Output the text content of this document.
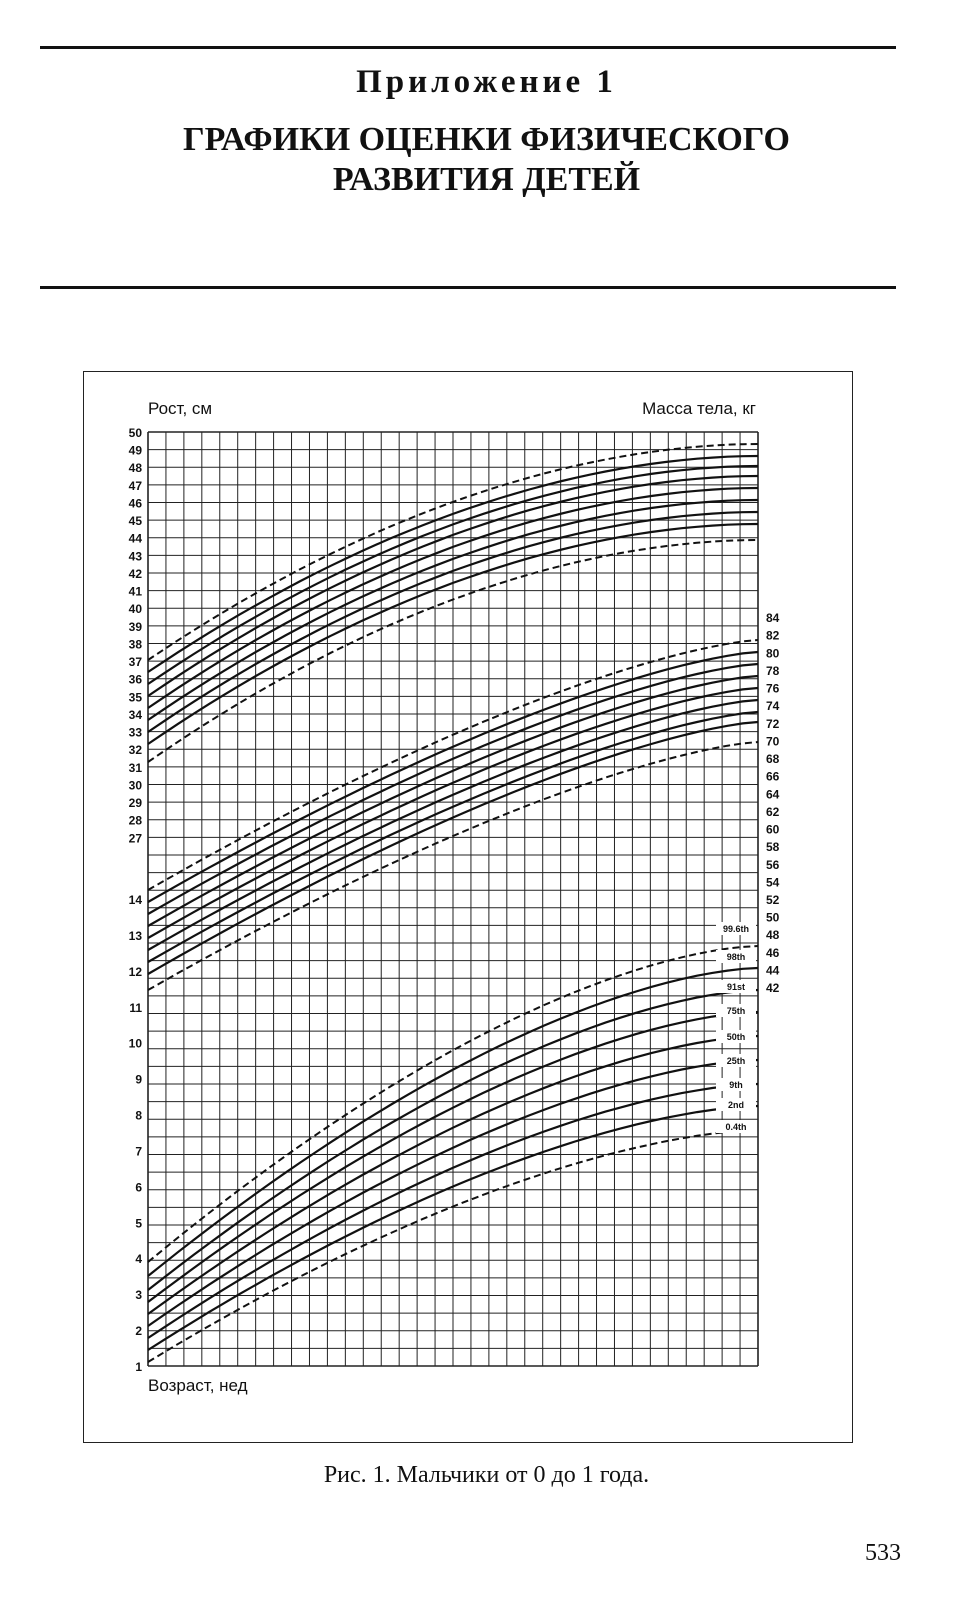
Приложение 1
ГРАФИКИ ОЦЕНКИ ФИЗИЧЕСКОГО
РАЗВИТИЯ ДЕТЕЙ
Рост, см	Масса тела, кг
Возраст, нед
50
49
48
47
46
45
44
43
42
41
40
39
38
37
36
35
34
33
32
31
30
29
28
27
14
13
12
11
10
9
8
7
6
5
4
3
2
1
84
82
80
78
76
74
72
70
68
66
64
62
60
58
56
54
52
50
48
46
44
42
99.6th
98th
91st
75th
50th
25th
9th
2nd
0.4th
Рис. 1. Мальчики от 0 до 1 года.
533
